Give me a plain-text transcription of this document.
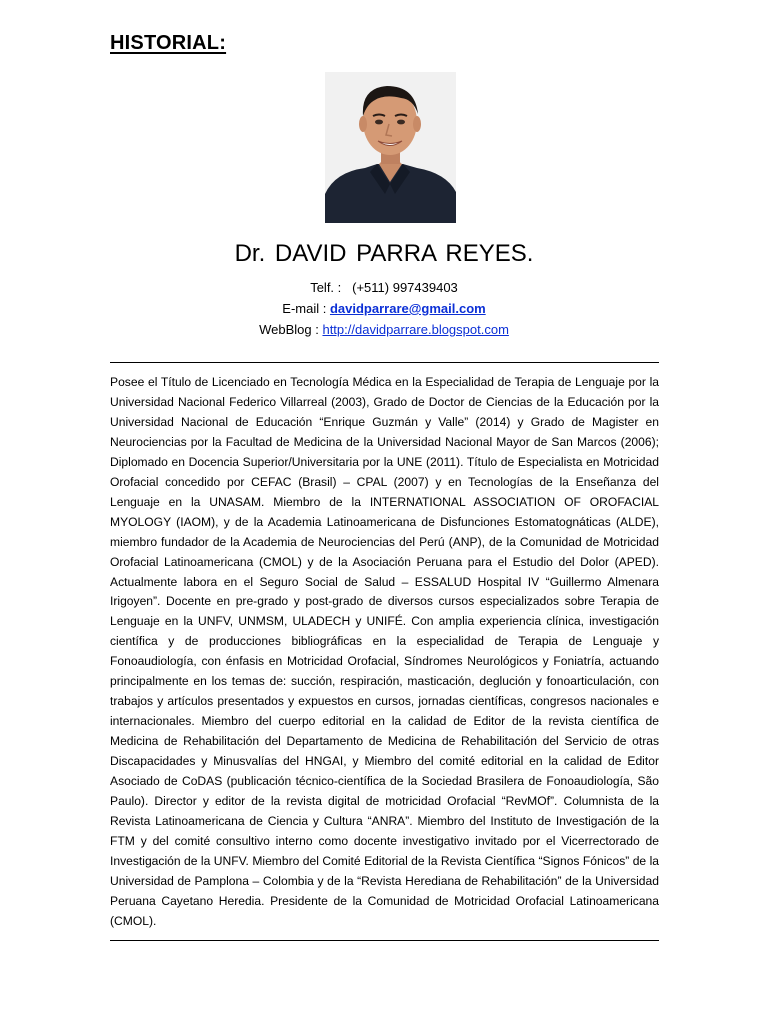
HISTORIAL:
Dr. DAVID PARRA REYES.
Telf. : (+511) 997439403
E-mail : davidparrare@gmail.com
WebBlog : http://davidparrare.blogspot.com

Posee el Título de Licenciado en Tecnología Médica en la Especialidad de Terapia de Lenguaje por la Universidad Nacional Federico Villarreal (2003), Grado de Doctor de Ciencias de la Educación por la Universidad Nacional de Educación “Enrique Guzmán y Valle” (2014) y Grado de Magister en Neurociencias por la Facultad de Medicina de la Universidad Nacional Mayor de San Marcos (2006); Diplomado en Docencia Superior/Universitaria por la UNE (2011). Título de Especialista en Motricidad Orofacial concedido por CEFAC (Brasil) – CPAL (2007) y en Tecnologías de la Enseñanza del Lenguaje en la UNASAM. Miembro de la INTERNATIONAL ASSOCIATION OF OROFACIAL MYOLOGY (IAOM), y de la Academia Latinoamericana de Disfunciones Estomatognáticas (ALDE), miembro fundador de la Academia de Neurociencias del Perú (ANP), de la Comunidad de Motricidad Orofacial Latinoamericana (CMOL) y de la Asociación Peruana para el Estudio del Dolor (APED). Actualmente labora en el Seguro Social de Salud – ESSALUD Hospital IV “Guillermo Almenara Irigoyen”. Docente en pre-grado y post-grado de diversos cursos especializados sobre Terapia de Lenguaje en la UNFV, UNMSM, ULADECH y UNIFÉ. Con amplia experiencia clínica, investigación científica y de producciones bibliográficas en la especialidad de Terapia de Lenguaje y Fonoaudiología, con énfasis en Motricidad Orofacial, Síndromes Neurológicos y Foniatría, actuando principalmente en los temas de: succión, respiración, masticación, deglución y fonoarticulación, con trabajos y artículos presentados y expuestos en cursos, jornadas científicas, congresos nacionales e internacionales. Miembro del cuerpo editorial en la calidad de Editor de la revista científica de Medicina de Rehabilitación del Departamento de Medicina de Rehabilitación del Servicio de otras Discapacidades y Minusvalías del HNGAI, y Miembro del comité editorial en la calidad de Editor Asociado de CoDAS (publicación técnico-científica de la Sociedad Brasilera de Fonoaudiología, São Paulo). Director y editor de la revista digital de motricidad Orofacial “RevMOf”. Columnista de la Revista Latinoamericana de Ciencia y Cultura “ANRA”. Miembro del Instituto de Investigación de la FTM y del comité consultivo interno como docente investigativo invitado por el Vicerrectorado de Investigación de la UNFV. Miembro del Comité Editorial de la Revista Científica “Signos Fónicos” de la Universidad de Pamplona – Colombia y de la “Revista Herediana de Rehabilitación” de la Universidad Peruana Cayetano Heredia. Presidente de la Comunidad de Motricidad Orofacial Latinoamericana (CMOL).
